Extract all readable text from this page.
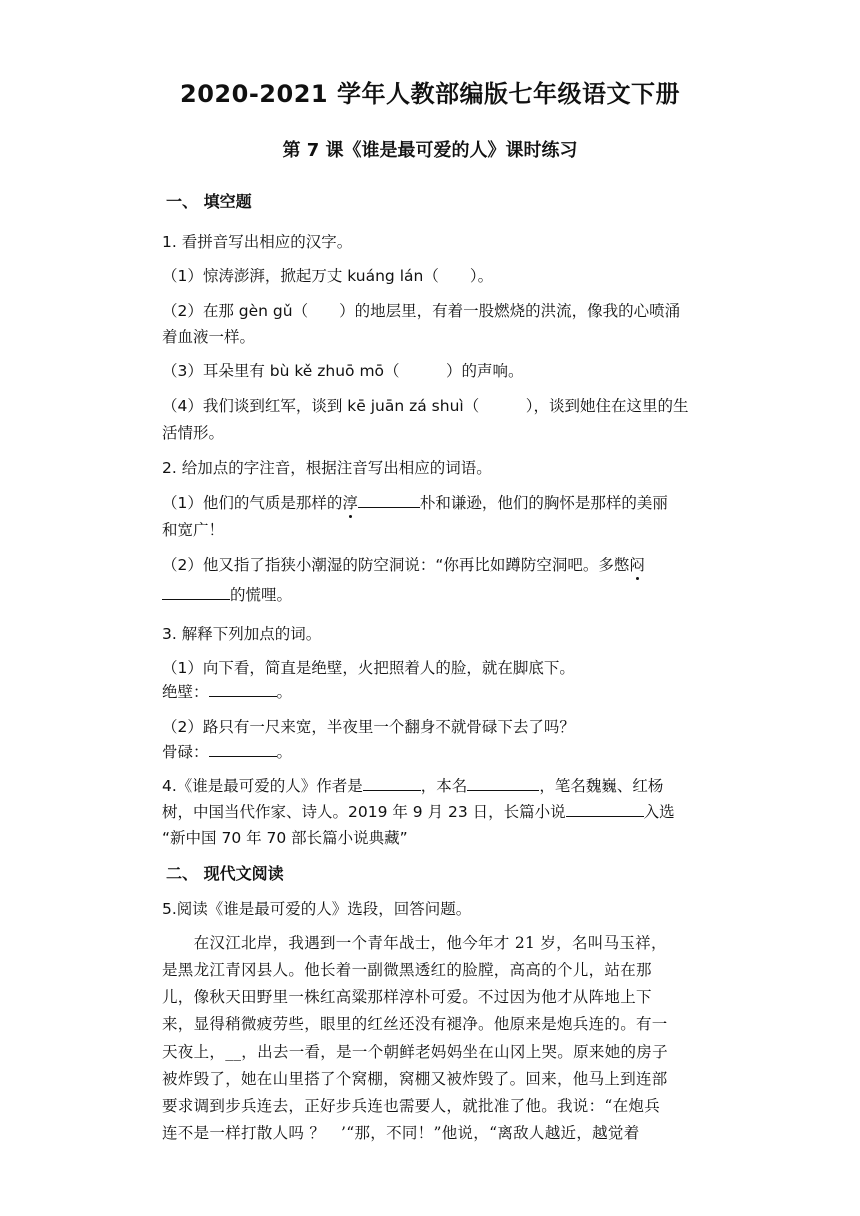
2020-2021 学年人教部编版七年级语文下册
第 7 课《谁是最可爱的人》课时练习
一、 填空题
1. 看拼音写出相应的汉字。
（1）惊涛澎湃，掀起万丈 kuáng lán（　　）。
（2）在那 gèn gǔ（　　）的地层里，有着一股燃烧的洪流，像我的心喷涌
着血液一样。
（3）耳朵里有 bù kě zhuō mō（　　　）的声响。
（4）我们谈到红军，谈到 kē juān zá shuì（　　　），谈到她住在这里的生
活情形。
2. 给加点的字注音，根据注音写出相应的词语。
（1）他们的气质是那样的淳	朴和谦逊，他们的胸怀是那样的美丽
和宽广！
（2）他又指了指狭小潮湿的防空洞说：“你再比如蹲防空洞吧。多憋闷
的慌哩。
3. 解释下列加点的词。
（1）向下看，简直是绝壁，火把照着人的脸，就在脚底下。
绝壁：	。
（2）路只有一尺来宽，半夜里一个翻身不就骨碌下去了吗？
骨碌：	。
4.《谁是最可爱的人》作者是	，本名	，笔名魏巍、红杨
树，中国当代作家、诗人。2019 年 9 月 23 日，长篇小说	入选
“新中国 70 年 70 部长篇小说典藏”
二、 现代文阅读
5.阅读《谁是最可爱的人》选段，回答问题。
　　在汉江北岸，我遇到一个青年战士，他今年才 21 岁，名叫马玉祥，
是黑龙江青冈县人。他长着一副微黑透红的脸膛，高高的个儿，站在那
儿，像秋天田野里一株红高粱那样淳朴可爱。不过因为他才从阵地上下
来，显得稍微疲劳些，眼里的红丝还没有褪净。他原来是炮兵连的。有一
天夜上，__，出去一看，是一个朝鲜老妈妈坐在山冈上哭。原来她的房子
被炸毁了，她在山里搭了个窝棚，窝棚又被炸毁了。回来，他马上到连部
要求调到步兵连去，正好步兵连也需要人，就批准了他。我说：“在炮兵
连不是一样打散人吗 ？　’“那，不同！”他说，“离敌人越近，越觉着
